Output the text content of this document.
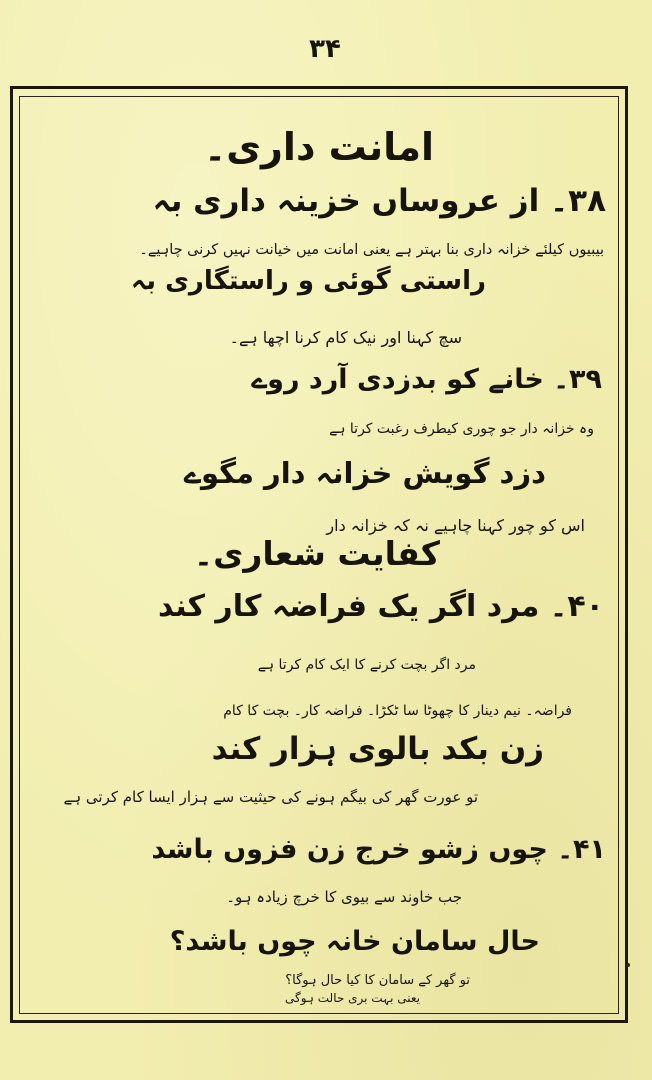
۳۴
امانت داری۔
۳۸۔ از عروساں خزینہ داری بہ
بیبیوں کیلئے خزانہ داری بنا بہتر ہے یعنی امانت میں خیانت نہیں کرنی چاہیے۔
راستی گوئی و راستگاری بہ
سچ کہنا اور نیک کام کرنا اچھا ہے۔
۳۹۔ خانے کو بدزدی آرد روے
وہ خزانہ دار جو چوری کیطرف رغبت کرتا ہے
دزد گویش خزانہ دار مگوے
اس کو چور کہنا چاہیے نہ کہ خزانہ دار
کفایت شعاری۔
۴۰۔ مرد اگر یک فراضہ کار کند
مرد اگر بچت کرنے کا ایک کام کرتا ہے
فراضہ۔ نیم دینار کا چھوٹا سا ٹکڑا۔ فراضہ کار۔ بچت کا کام
زن بکد بالوی ہزار کند
تو عورت گھر کی بیگم ہونے کی حیثیت سے ہزار ایسا کام کرتی ہے
۴۱۔ چوں زشو خرج زن فزوں باشد
جب خاوند سے بیوی کا خرچ زیادہ ہو۔
حال سامان خانہ چوں باشد؟
تو گھر کے سامان کا کیا حال ہوگا؟
یعنی بہت بری حالت ہوگی
